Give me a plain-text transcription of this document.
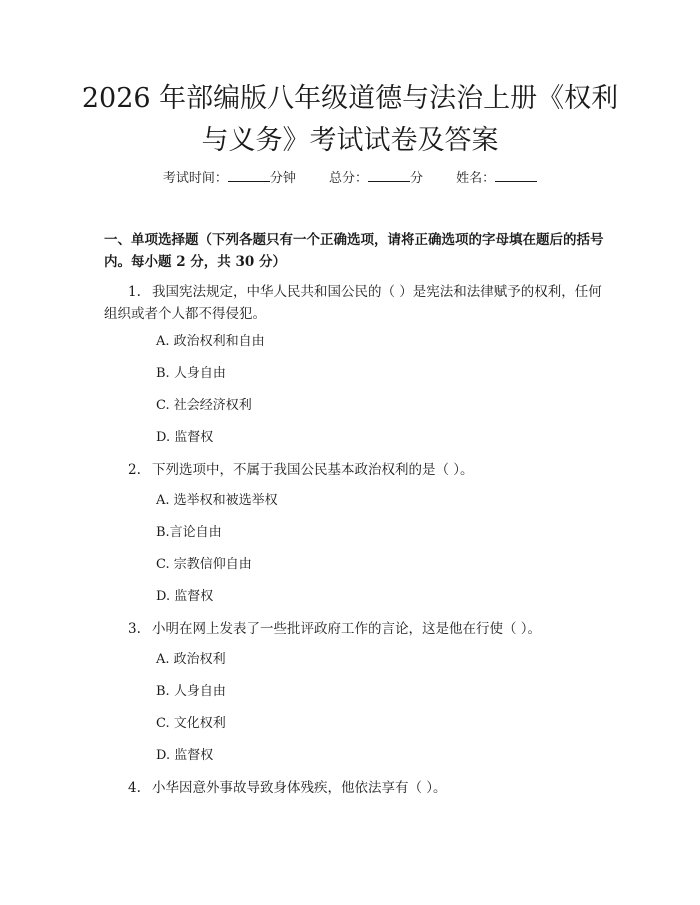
2026 年部编版八年级道德与法治上册《权利
与义务》考试试卷及答案
考试时间：	分钟	总分：	分	姓名：
一、单项选择题（下列各题只有一个正确选项，请将正确选项的字母填在题后的括号内。每小题 2 分，共 30 分）
1. 我国宪法规定，中华人民共和国公民的（ ）是宪法和法律赋予的权利，任何组织或者个人都不得侵犯。
A. 政治权利和自由
B. 人身自由
C. 社会经济权利
D. 监督权
2. 下列选项中，不属于我国公民基本政治权利的是（ ）。
A. 选举权和被选举权
B.言论自由
C. 宗教信仰自由
D. 监督权
3. 小明在网上发表了一些批评政府工作的言论，这是他在行使（ ）。
A. 政治权利
B. 人身自由
C. 文化权利
D. 监督权
4. 小华因意外事故导致身体残疾，他依法享有（ ）。
